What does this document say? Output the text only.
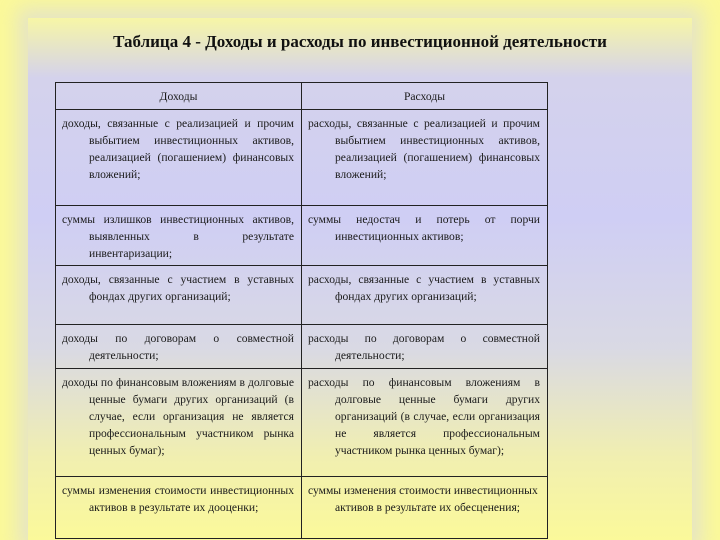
Таблица 4 - Доходы и расходы по инвестиционной деятельности
Доходы	Расходы

доходы, связанные с реализацией и прочим выбытием инвестиционных активов, реализацией (погашением) финансовых вложений;	расходы, связанные с реализацией и прочим выбытием инвестиционных активов, реализацией (погашением) финансовых вложений;

суммы излишков инвестиционных активов, выявленных в результате инвентаризации;	суммы недостач и потерь от порчи инвестиционных активов;

доходы, связанные с участием в уставных фондах других организаций;	расходы, связанные с участием в уставных фондах других организаций;

доходы по договорам о совместной деятельности;	расходы по договорам о совместной деятельности;

доходы по финансовым вложениям в долговые ценные бумаги других организаций (в случае, если организация не является профессиональным участником рынка ценных бумаг);	расходы по финансовым вложениям в долговые ценные бумаги других организаций (в случае, если организация не является профессиональным участником рынка ценных бумаг);

суммы изменения стоимости инвестиционных активов в результате их дооценки;	суммы изменения стоимости инвестиционных активов в результате их обесценения;
